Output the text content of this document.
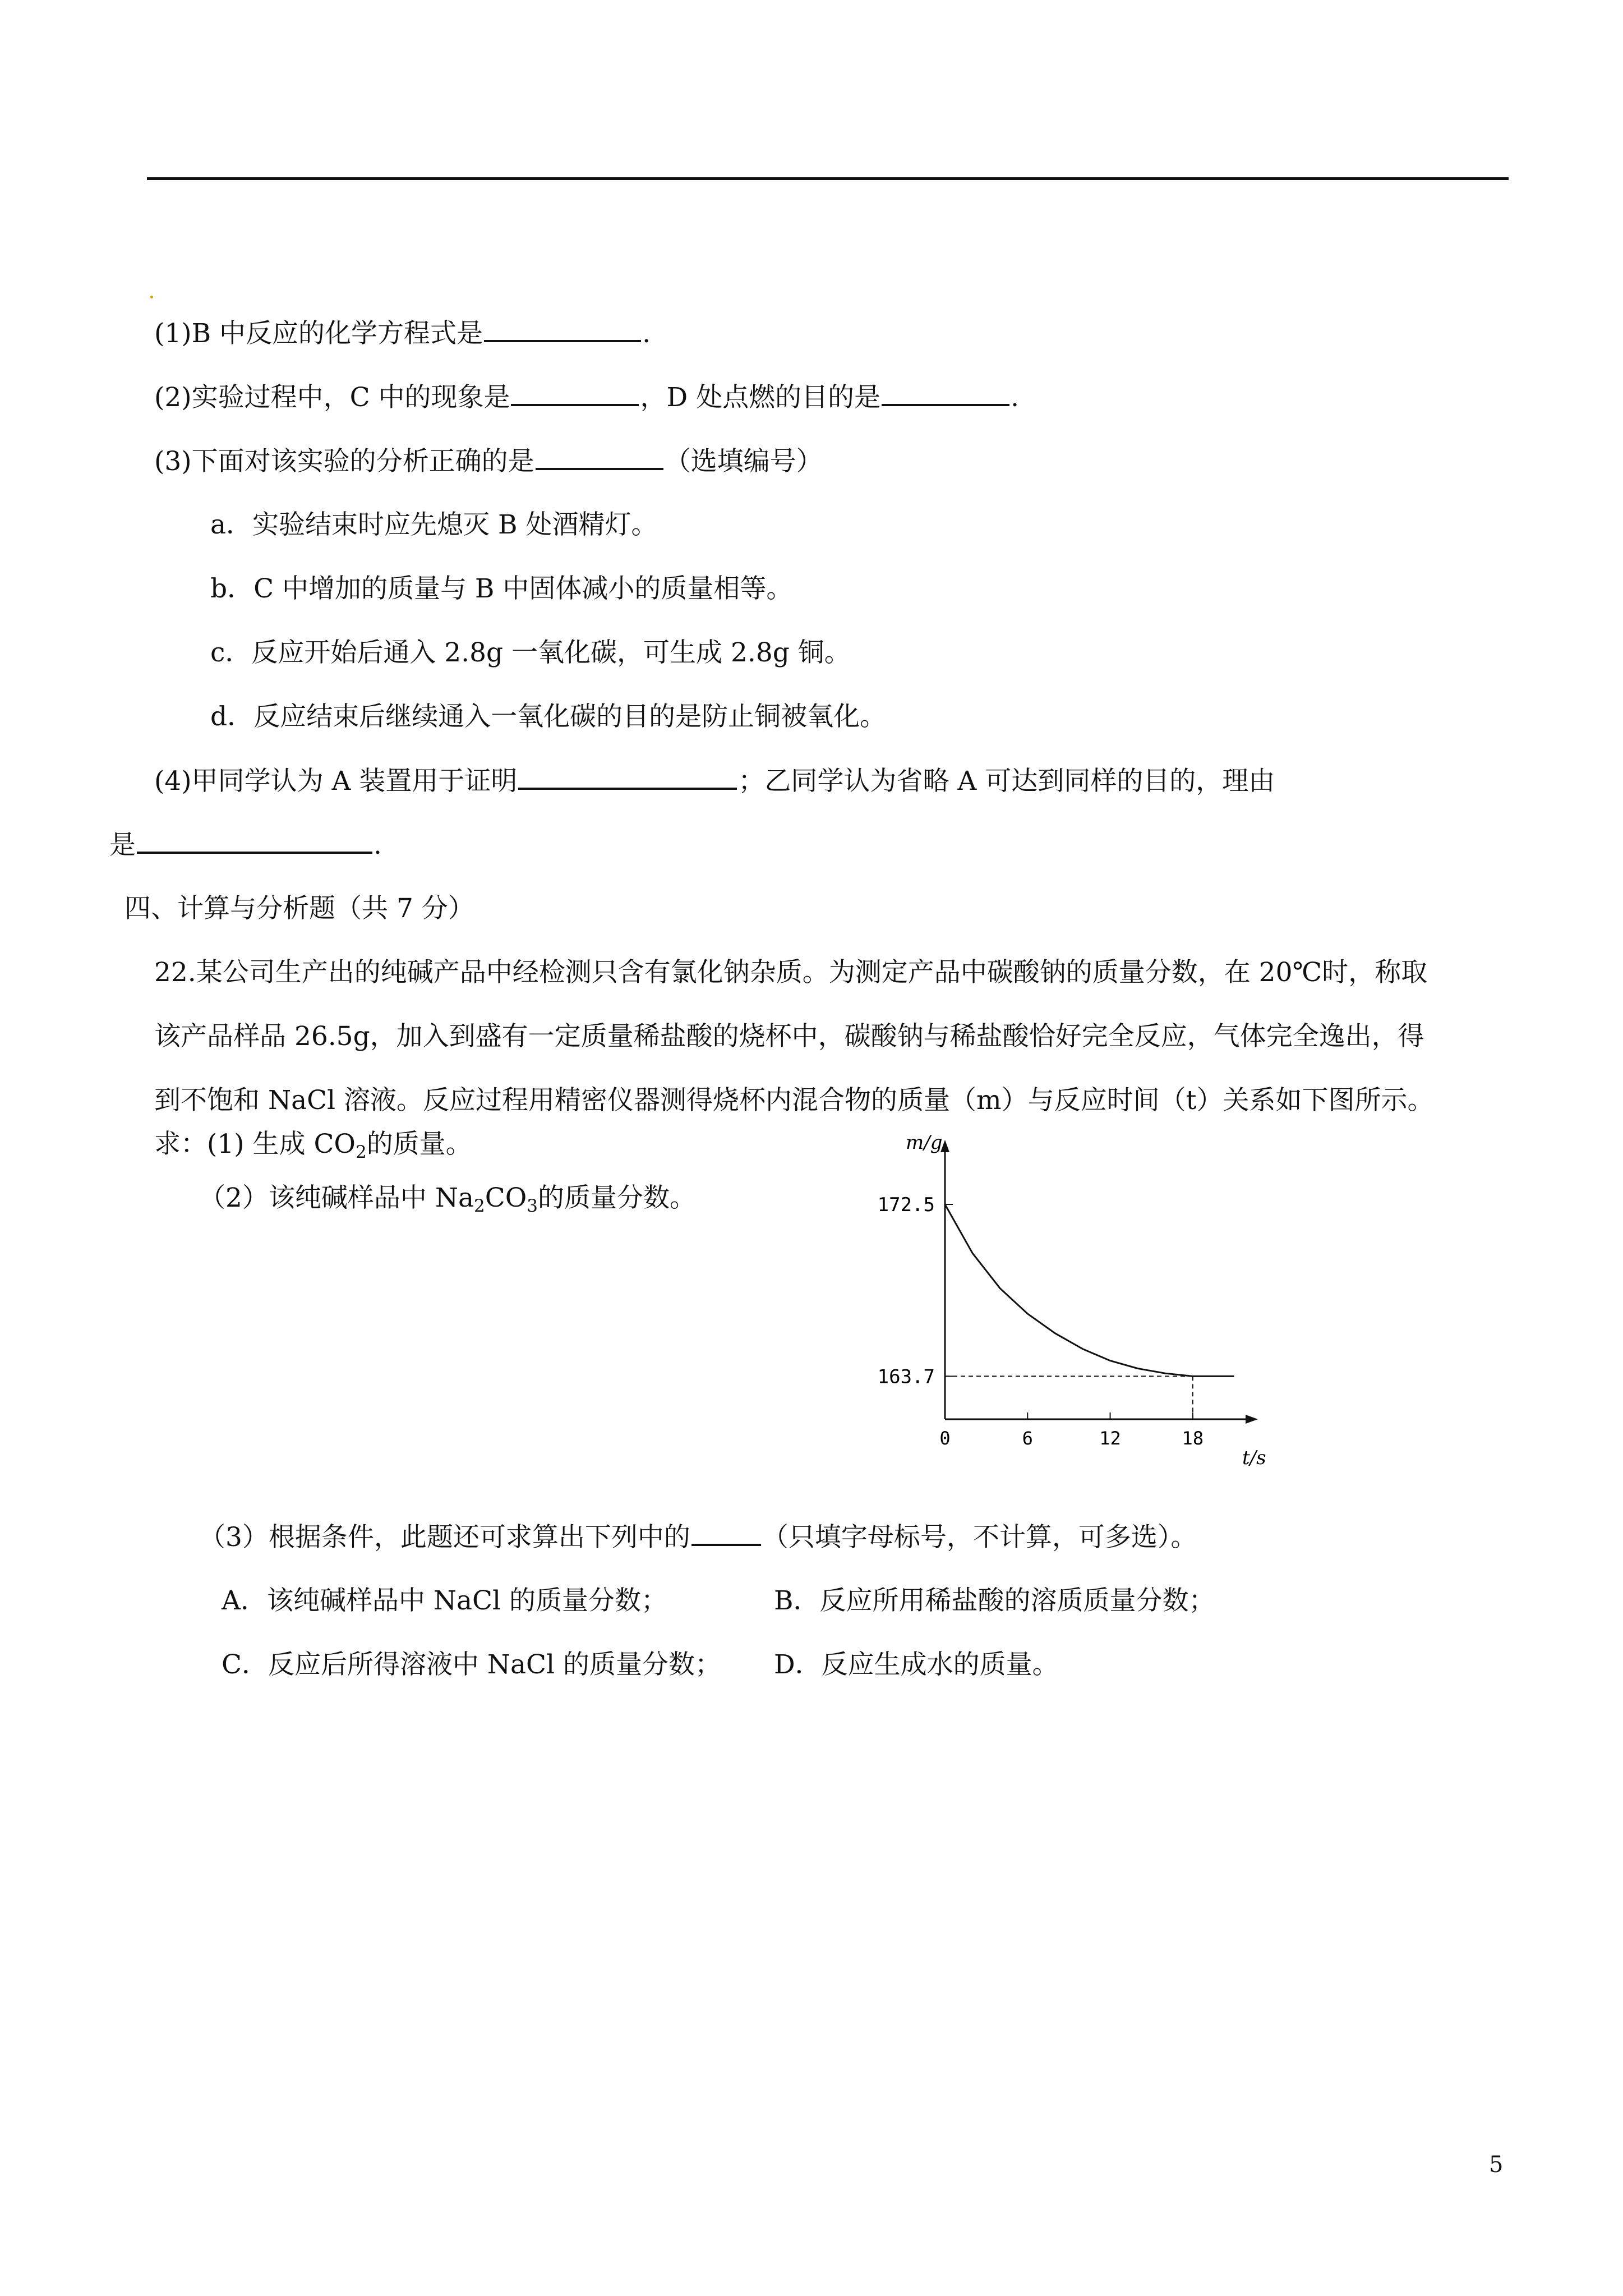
(1)B 中反应的化学方程式是	.
(2)实验过程中，C 中的现象是	，D 处点燃的目的是	.
(3)下面对该实验的分析正确的是	（选填编号）
a．实验结束时应先熄灭 B 处酒精灯。
b．C 中增加的质量与 B 中固体减小的质量相等。
c．反应开始后通入 2.8g 一氧化碳，可生成 2.8g 铜。
d．反应结束后继续通入一氧化碳的目的是防止铜被氧化。
(4)甲同学认为 A 装置用于证明	；乙同学认为省略 A 可达到同样的目的，理由
是	.
四、计算与分析题（共 7 分）
22.某公司生产出的纯碱产品中经检测只含有氯化钠杂质。为测定产品中碳酸钠的质量分数，在 20℃时，称取
该产品样品 26.5g，加入到盛有一定质量稀盐酸的烧杯中，碳酸钠与稀盐酸恰好完全反应，气体完全逸出，得
到不饱和 NaCl 溶液。反应过程用精密仪器测得烧杯内混合物的质量（m）与反应时间（t）关系如下图所示。
求：(1) 生成 $CO_2$的质量。
（2）该纯碱样品中 $Na_2CO_3$的质量分数。
m/g
t/s
172.5
163.7
0	6	12	18
（3）根据条件，此题还可求算出下列中的	（只填字母标号，不计算，可多选）。
A．该纯碱样品中 NaCl 的质量分数；	B．反应所用稀盐酸的溶质质量分数；
C．反应后所得溶液中 NaCl 的质量分数； D．反应生成水的质量。
5
